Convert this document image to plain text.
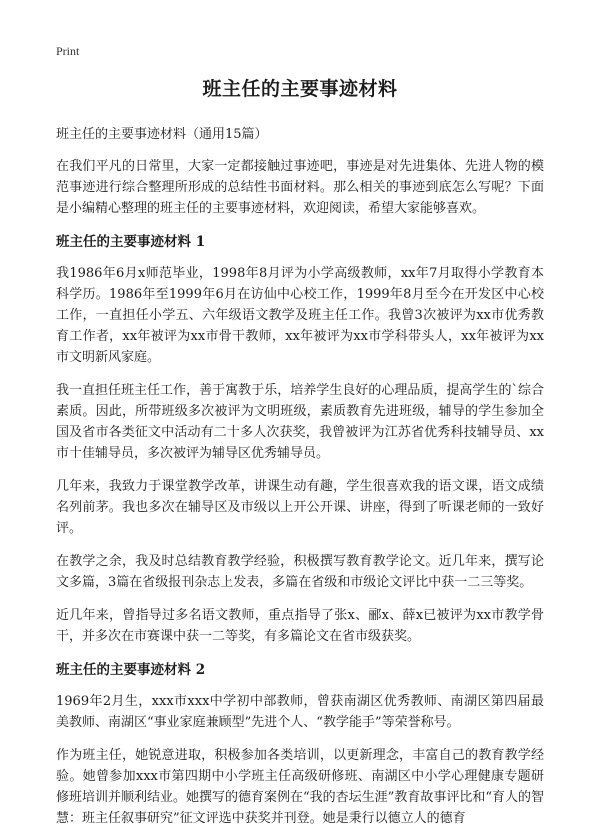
Print
班主任的主要事迹材料
班主任的主要事迹材料（通用15篇）

在我们平凡的日常里，大家一定都接触过事迹吧，事迹是对先进集体、先进人物的模范事迹进行综合整理所形成的总结性书面材料。那么相关的事迹到底怎么写呢？下面是小编精心整理的班主任的主要事迹材料，欢迎阅读，希望大家能够喜欢。

班主任的主要事迹材料 1

我1986年6月x师范毕业，1998年8月评为小学高级教师，xx年7月取得小学教育本科学历。1986年至1999年6月在访仙中心校工作，1999年8月至今在开发区中心校工作，一直担任小学五、六年级语文教学及班主任工作。我曾3次被评为xx市优秀教育工作者，xx年被评为xx市骨干教师，xx年被评为xx市学科带头人，xx年被评为xx市文明新风家庭。

我一直担任班主任工作，善于寓教于乐，培养学生良好的心理品质，提高学生的`综合素质。因此，所带班级多次被评为文明班级，素质教育先进班级，辅导的学生参加全国及省市各类征文中活动有二十多人次获奖，我曾被评为江苏省优秀科技辅导员、xx市十佳辅导员，多次被评为辅导区优秀辅导员。

几年来，我致力于课堂教学改革，讲课生动有趣，学生很喜欢我的语文课，语文成绩名列前茅。我也多次在辅导区及市级以上开公开课、讲座，得到了听课老师的一致好评。

在教学之余，我及时总结教育教学经验，积极撰写教育教学论文。近几年来，撰写论文多篇，3篇在省级报刊杂志上发表，多篇在省级和市级论文评比中获一二三等奖。

近几年来，曾指导过多名语文教师，重点指导了张x、郦x、薛x已被评为xx市教学骨干，并多次在市赛课中获一二等奖，有多篇论文在省市级获奖。

班主任的主要事迹材料 2

1969年2月生，xxx市xxx中学初中部教师，曾获南湖区优秀教师、南湖区第四届最美教师、南湖区“事业家庭兼顾型”先进个人、“教学能手”等荣誉称号。

作为班主任，她锐意进取，积极参加各类培训，以更新理念，丰富自己的教育教学经验。她曾参加xxx市第四期中小学班主任高级研修班、南湖区中小学心理健康专题研修班培训并顺利结业。她撰写的德育案例在“我的杏坛生涯”教育故事评比和“育人的智慧：班主任叙事研究”征文评选中获奖并刊登。她是秉行以德立人的德育
